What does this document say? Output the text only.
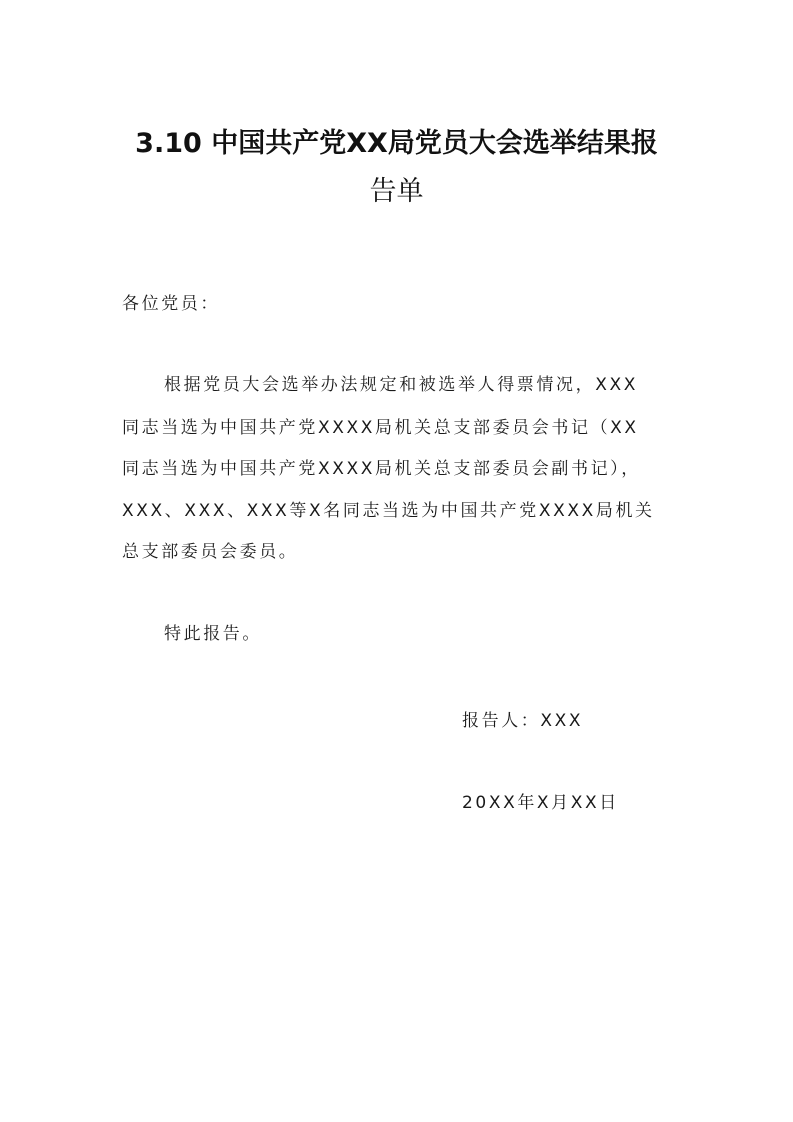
3.10 中国共产党XX局党员大会选举结果报
告单
各位党员：
根据党员大会选举办法规定和被选举人得票情况，XXX
同志当选为中国共产党XXXX局机关总支部委员会书记（XX
同志当选为中国共产党XXXX局机关总支部委员会副书记），
XXX、XXX、XXX等X名同志当选为中国共产党XXXX局机关
总支部委员会委员。
特此报告。
报告人：XXX
20XX年X月XX日
